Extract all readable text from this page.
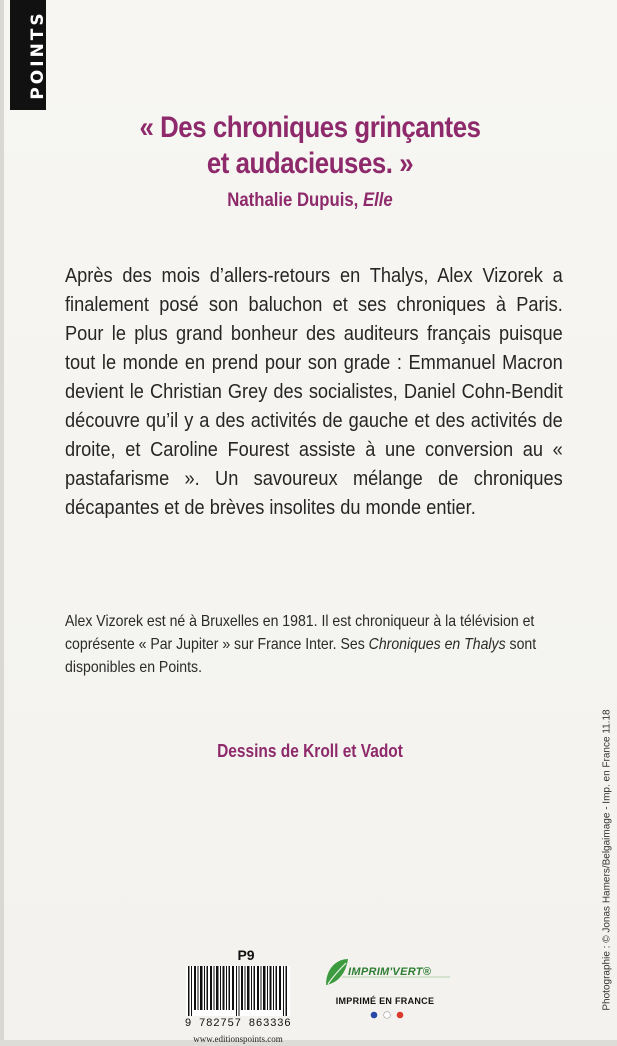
POINTS
« Des chroniques grinçantes
et audacieuses. »
Nathalie Dupuis, Elle
Après des mois d’allers-retours en Thalys, Alex Vizorek a finalement posé son baluchon et ses chroniques à Paris. Pour le plus grand bonheur des auditeurs français puisque tout le monde en prend pour son grade : Emmanuel Macron devient le Christian Grey des socialistes, Daniel Cohn-Bendit découvre qu’il y a des activités de gauche et des activités de droite, et Caroline Fourest assiste à une conversion au « pastafarisme ». Un savoureux mélange de chroniques décapantes et de brèves insolites du monde entier.
Alex Vizorek est né à Bruxelles en 1981. Il est chroniqueur à la télévision et coprésente « Par Jupiter » sur France Inter. Ses Chroniques en Thalys sont disponibles en Points.
Dessins de Kroll et Vadot	Photographie : © Jonas Hamers/Belgaimage - Imp. en France 11.18
P9
9 782757 863336
www.editionspoints.com
IMPRIM'VERT®
IMPRIMÉ EN FRANCE
